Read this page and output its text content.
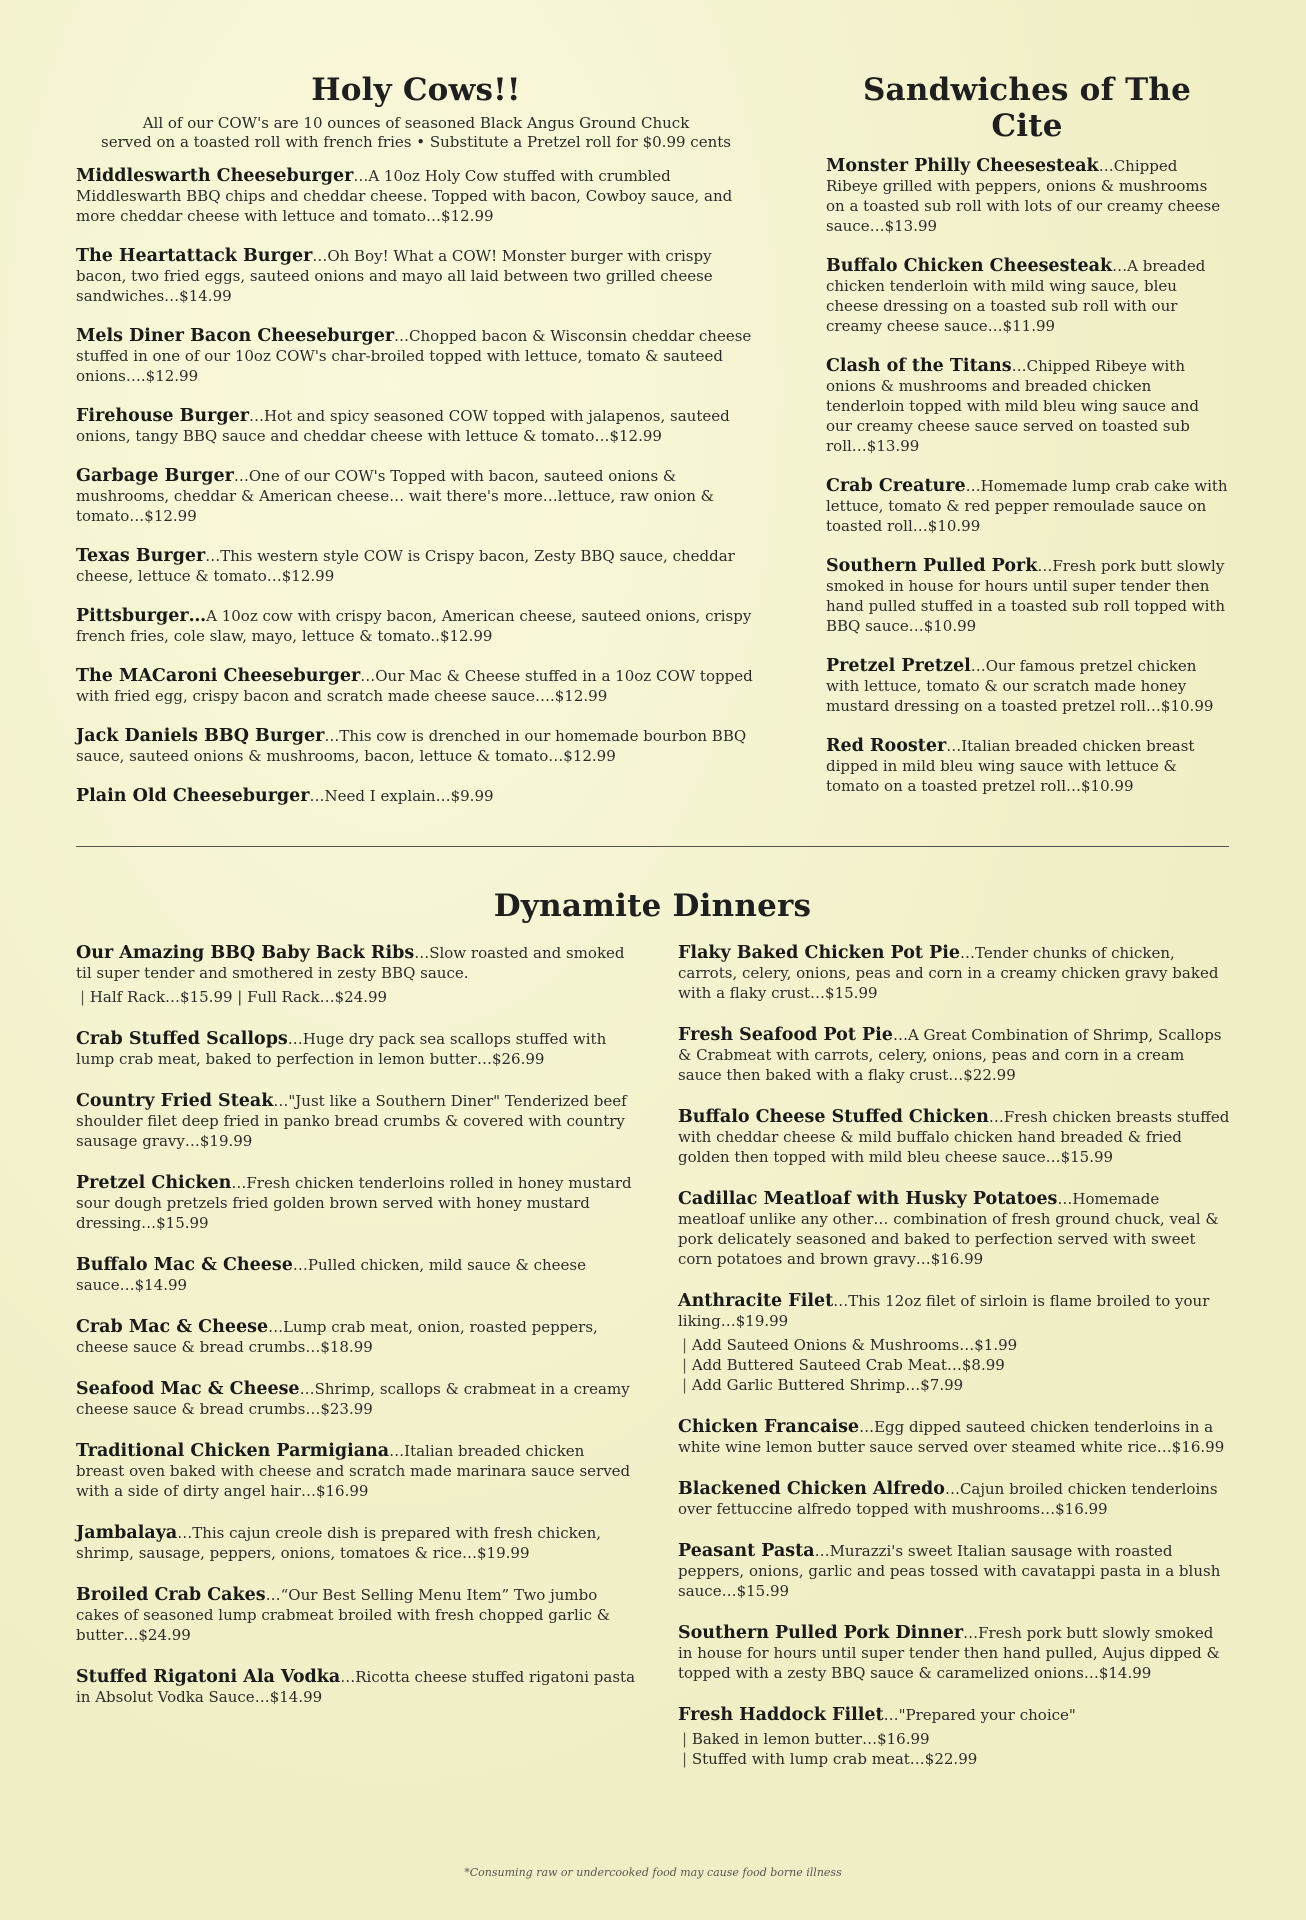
Holy Cows!!
All of our COW's are 10 ounces of seasoned Black Angus Ground Chuck
served on a toasted roll with french fries • Substitute a Pretzel roll for $0.99 cents
Middleswarth Cheeseburger…A 10oz Holy Cow stuffed with crumbled Middleswarth BBQ chips and cheddar cheese. Topped with bacon, Cowboy sauce, and more cheddar cheese with lettuce and tomato…$12.99
The Heartattack Burger…Oh Boy! What a COW! Monster burger with crispy bacon, two fried eggs, sauteed onions and mayo all laid between two grilled cheese sandwiches…$14.99
Mels Diner Bacon Cheeseburger…Chopped bacon & Wisconsin cheddar cheese stuffed in one of our 10oz COW's char-broiled topped with lettuce, tomato & sauteed onions….$12.99
Firehouse Burger…Hot and spicy seasoned COW topped with jalapenos, sauteed onions, tangy BBQ sauce and cheddar cheese with lettuce & tomato…$12.99
Garbage Burger…One of our COW's Topped with bacon, sauteed onions & mushrooms, cheddar & American cheese… wait there's more…lettuce, raw onion & tomato…$12.99
Texas Burger…This western style COW is Crispy bacon, Zesty BBQ sauce, cheddar cheese, lettuce & tomato…$12.99
Pittsburger…A 10oz cow with crispy bacon, American cheese, sauteed onions, crispy french fries, cole slaw, mayo, lettuce & tomato..$12.99
The MACaroni Cheeseburger…Our Mac & Cheese stuffed in a 10oz COW topped with fried egg, crispy bacon and scratch made cheese sauce….$12.99
Jack Daniels BBQ Burger…This cow is drenched in our homemade bourbon BBQ sauce, sauteed onions & mushrooms, bacon, lettuce & tomato…$12.99
Plain Old Cheeseburger…Need I explain…$9.99
Sandwiches of The Cite
Monster Philly Cheesesteak…Chipped Ribeye grilled with peppers, onions & mushrooms on a toasted sub roll with lots of our creamy cheese sauce…$13.99
Buffalo Chicken Cheesesteak…A breaded chicken tenderloin with mild wing sauce, bleu cheese dressing on a toasted sub roll with our creamy cheese sauce…$11.99
Clash of the Titans…Chipped Ribeye with onions & mushrooms and breaded chicken tenderloin topped with mild bleu wing sauce and our creamy cheese sauce served on toasted sub roll…$13.99
Crab Creature…Homemade lump crab cake with lettuce, tomato & red pepper remoulade sauce on toasted roll…$10.99
Southern Pulled Pork…Fresh pork butt slowly smoked in house for hours until super tender then hand pulled stuffed in a toasted sub roll topped with BBQ sauce…$10.99
Pretzel Pretzel…Our famous pretzel chicken with lettuce, tomato & our scratch made honey mustard dressing on a toasted pretzel roll…$10.99
Red Rooster…Italian breaded chicken breast dipped in mild bleu wing sauce with lettuce & tomato on a toasted pretzel roll…$10.99
Dynamite Dinners
Our Amazing BBQ Baby Back Ribs…Slow roasted and smoked til super tender and smothered in zesty BBQ sauce.
| Half Rack…$15.99 | Full Rack…$24.99
Crab Stuffed Scallops…Huge dry pack sea scallops stuffed with lump crab meat, baked to perfection in lemon butter…$26.99
Country Fried Steak…"Just like a Southern Diner" Tenderized beef shoulder filet deep fried in panko bread crumbs & covered with country sausage gravy…$19.99
Pretzel Chicken…Fresh chicken tenderloins rolled in honey mustard sour dough pretzels fried golden brown served with honey mustard dressing…$15.99
Buffalo Mac & Cheese…Pulled chicken, mild sauce & cheese sauce…$14.99
Crab Mac & Cheese…Lump crab meat, onion, roasted peppers, cheese sauce & bread crumbs…$18.99
Seafood Mac & Cheese…Shrimp, scallops & crabmeat in a creamy cheese sauce & bread crumbs…$23.99
Traditional Chicken Parmigiana…Italian breaded chicken breast oven baked with cheese and scratch made marinara sauce served with a side of dirty angel hair…$16.99
Jambalaya…This cajun creole dish is prepared with fresh chicken, shrimp, sausage, peppers, onions, tomatoes & rice…$19.99
Broiled Crab Cakes…“Our Best Selling Menu Item” Two jumbo cakes of seasoned lump crabmeat broiled with fresh chopped garlic & butter…$24.99
Stuffed Rigatoni Ala Vodka…Ricotta cheese stuffed rigatoni pasta in Absolut Vodka Sauce…$14.99
Flaky Baked Chicken Pot Pie…Tender chunks of chicken, carrots, celery, onions, peas and corn in a creamy chicken gravy baked with a flaky crust…$15.99
Fresh Seafood Pot Pie…A Great Combination of Shrimp, Scallops & Crabmeat with carrots, celery, onions, peas and corn in a cream sauce then baked with a flaky crust…$22.99
Buffalo Cheese Stuffed Chicken…Fresh chicken breasts stuffed with cheddar cheese & mild buffalo chicken hand breaded & fried golden then topped with mild bleu cheese sauce…$15.99
Cadillac Meatloaf with Husky Potatoes…Homemade meatloaf unlike any other… combination of fresh ground chuck, veal & pork delicately seasoned and baked to perfection served with sweet corn potatoes and brown gravy…$16.99
Anthracite Filet…This 12oz filet of sirloin is flame broiled to your liking…$19.99
| Add Sauteed Onions & Mushrooms…$1.99
| Add Buttered Sauteed Crab Meat…$8.99
| Add Garlic Buttered Shrimp…$7.99
Chicken Francaise…Egg dipped sauteed chicken tenderloins in a white wine lemon butter sauce served over steamed white rice…$16.99
Blackened Chicken Alfredo…Cajun broiled chicken tenderloins over fettuccine alfredo topped with mushrooms…$16.99
Peasant Pasta…Murazzi's sweet Italian sausage with roasted peppers, onions, garlic and peas tossed with cavatappi pasta in a blush sauce…$15.99
Southern Pulled Pork Dinner…Fresh pork butt slowly smoked in house for hours until super tender then hand pulled, Aujus dipped & topped with a zesty BBQ sauce & caramelized onions…$14.99
Fresh Haddock Fillet…"Prepared your choice"
| Baked in lemon butter…$16.99
| Stuffed with lump crab meat…$22.99
*Consuming raw or undercooked food may cause food borne illness
